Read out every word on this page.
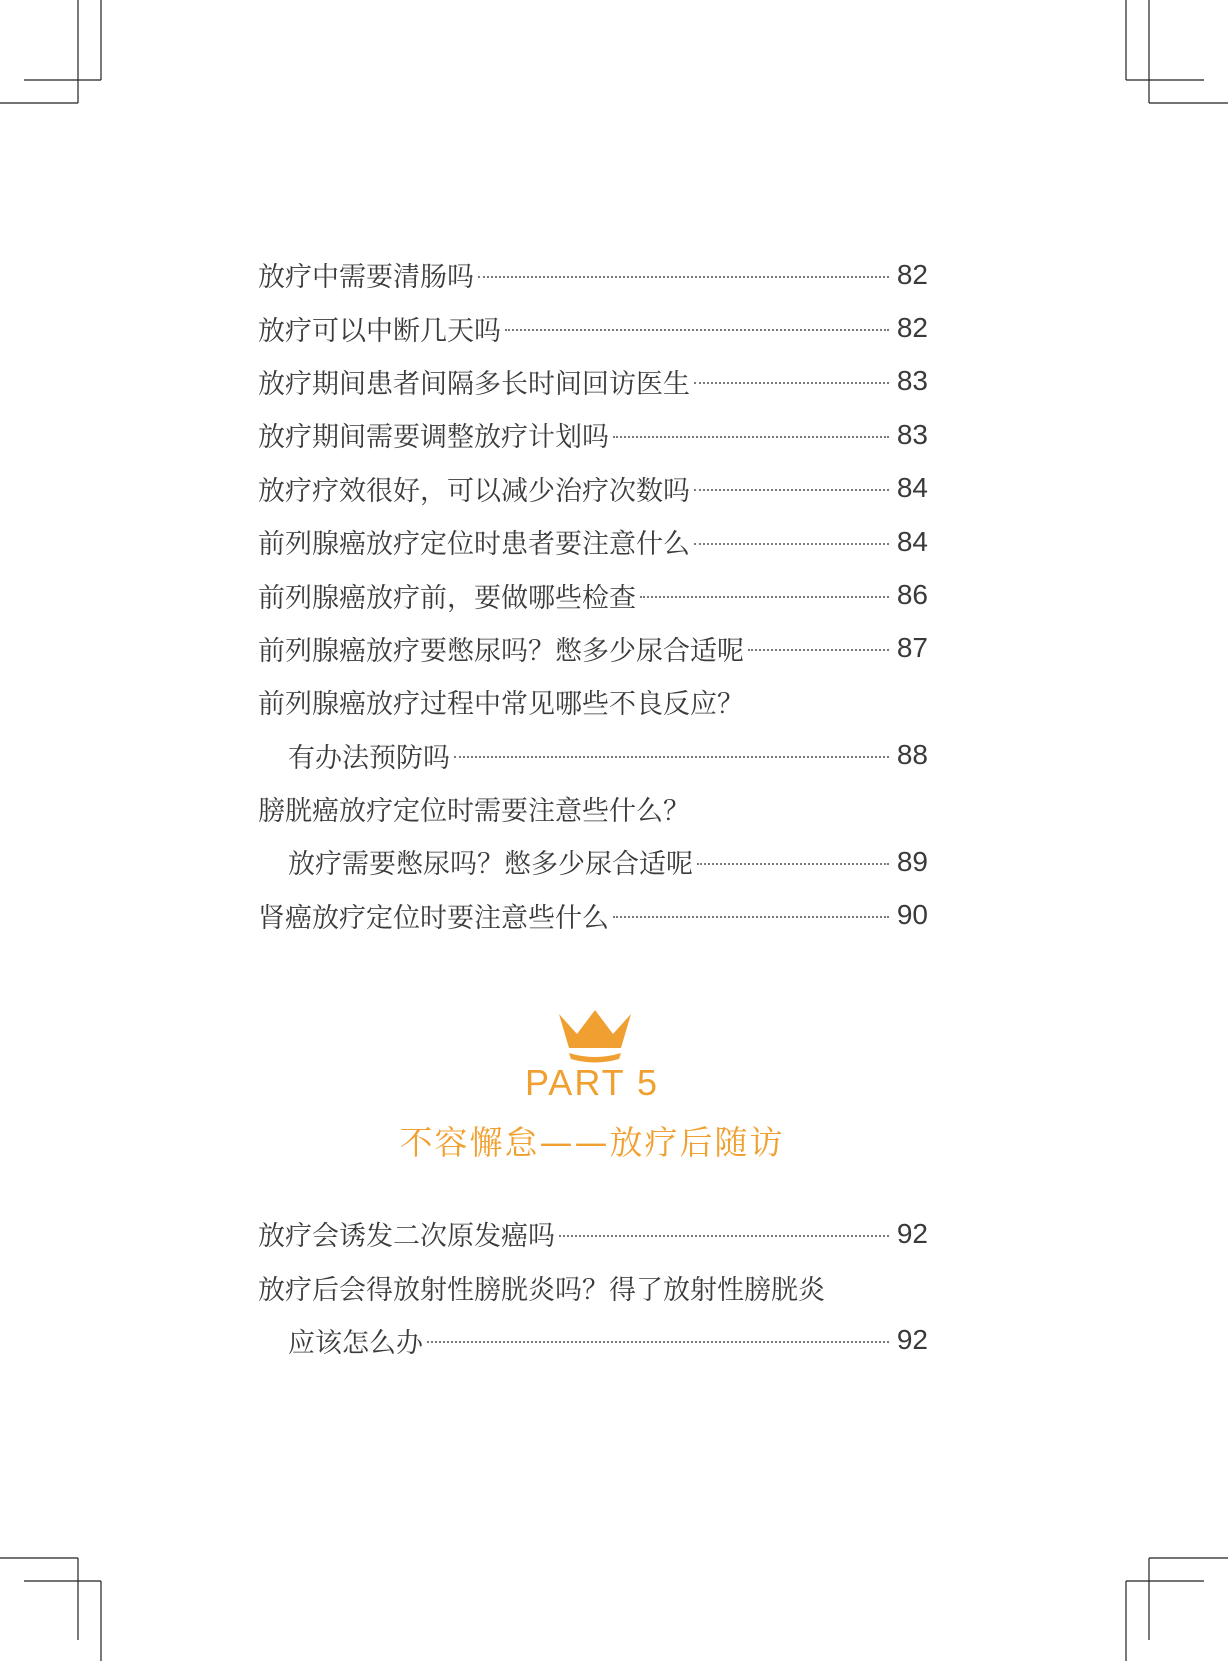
放疗中需要清肠吗	82
放疗可以中断几天吗	82
放疗期间患者间隔多长时间回访医生	83
放疗期间需要调整放疗计划吗	83
放疗疗效很好，可以减少治疗次数吗	84
前列腺癌放疗定位时患者要注意什么	84
前列腺癌放疗前，要做哪些检查	86
前列腺癌放疗要憋尿吗？憋多少尿合适呢	87
前列腺癌放疗过程中常见哪些不良反应？
有办法预防吗	88
膀胱癌放疗定位时需要注意些什么？
放疗需要憋尿吗？憋多少尿合适呢	89
肾癌放疗定位时要注意些什么	90
PART 5
不容懈怠——放疗后随访
放疗会诱发二次原发癌吗	92
放疗后会得放射性膀胱炎吗？得了放射性膀胱炎
应该怎么办	92
